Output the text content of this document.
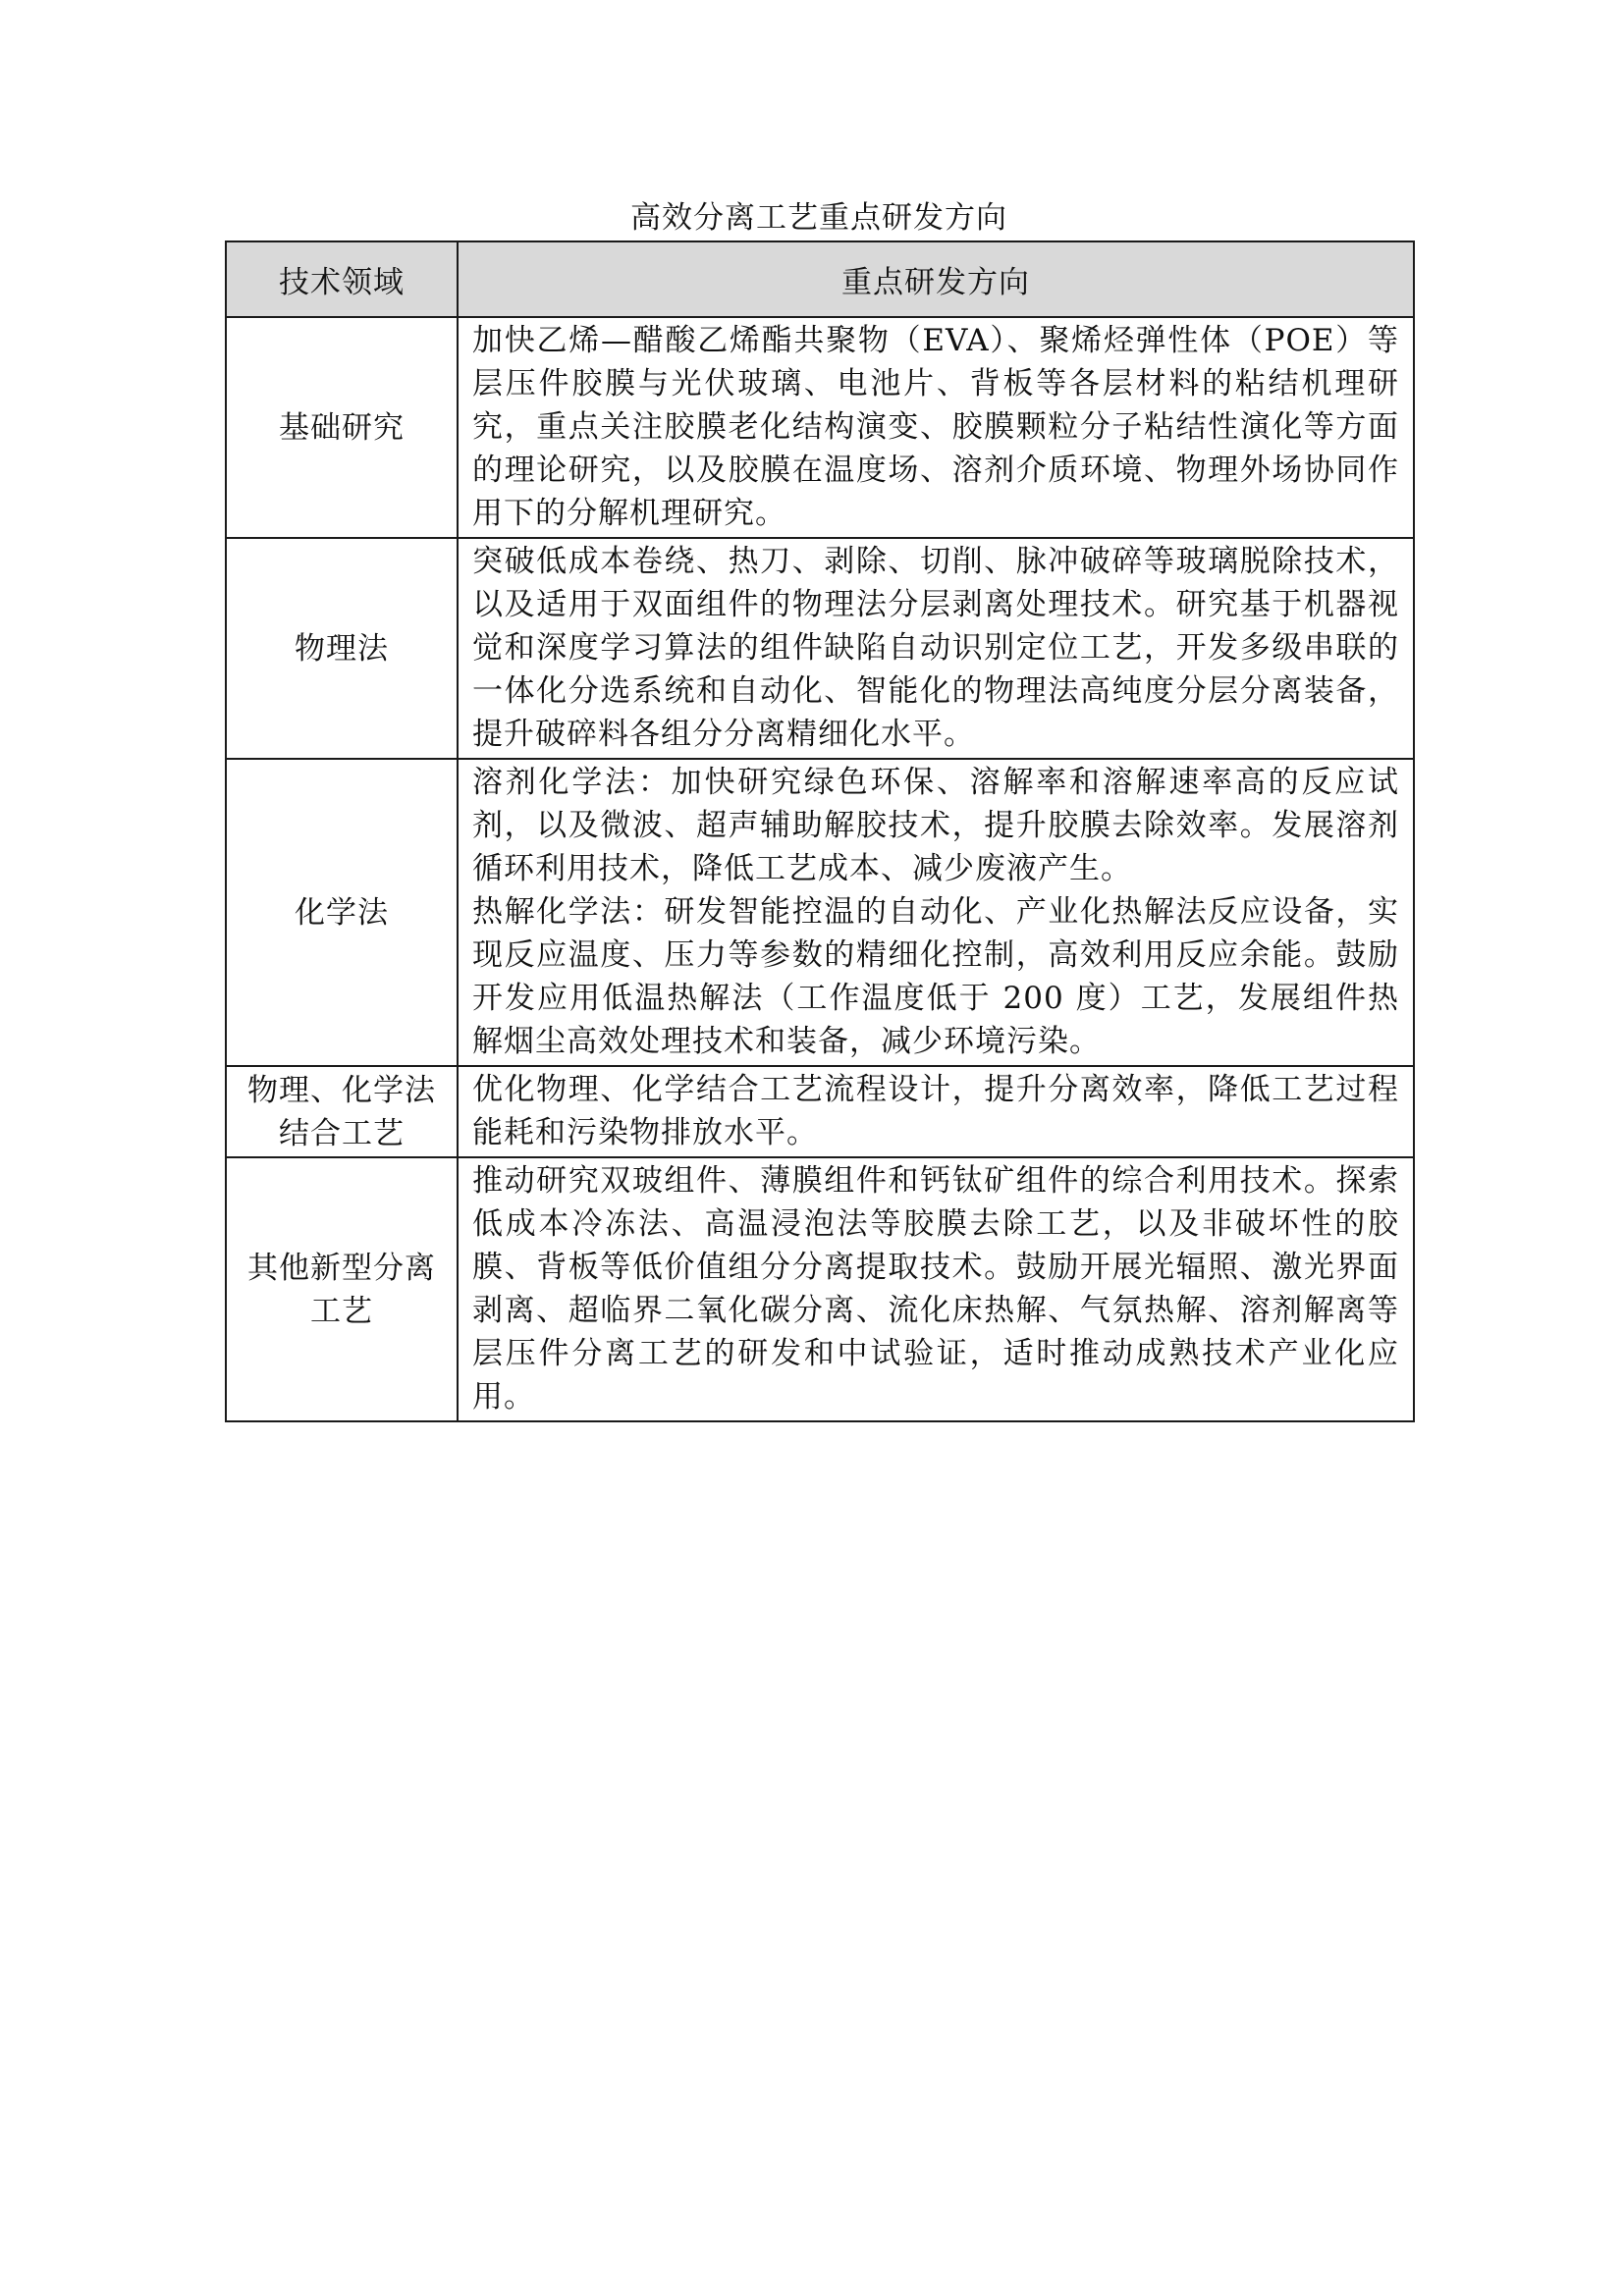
高效分离工艺重点研发方向
技术领域	重点研发方向
基础研究	加快乙烯—醋酸乙烯酯共聚物（EVA）、聚烯烃弹性体（POE）等层压件胶膜与光伏玻璃、电池片、背板等各层材料的粘结机理研究，重点关注胶膜老化结构演变、胶膜颗粒分子粘结性演化等方面的理论研究，以及胶膜在温度场、溶剂介质环境、物理外场协同作用下的分解机理研究。

物理法	突破低成本卷绕、热刀、剥除、切削、脉冲破碎等玻璃脱除技术，以及适用于双面组件的物理法分层剥离处理技术。研究基于机器视觉和深度学习算法的组件缺陷自动识别定位工艺，开发多级串联的一体化分选系统和自动化、智能化的物理法高纯度分层分离装备，提升破碎料各组分分离精细化水平。

化学法	溶剂化学法：加快研究绿色环保、溶解率和溶解速率高的反应试剂，以及微波、超声辅助解胶技术，提升胶膜去除效率。发展溶剂循环利用技术，降低工艺成本、减少废液产生。
热解化学法：研发智能控温的自动化、产业化热解法反应设备，实现反应温度、压力等参数的精细化控制，高效利用反应余能。鼓励开发应用低温热解法（工作温度低于 200 度）工艺，发展组件热解烟尘高效处理技术和装备，减少环境污染。

物理、化学法结合工艺	优化物理、化学结合工艺流程设计，提升分离效率，降低工艺过程能耗和污染物排放水平。

其他新型分离工艺	推动研究双玻组件、薄膜组件和钙钛矿组件的综合利用技术。探索低成本冷冻法、高温浸泡法等胶膜去除工艺，以及非破坏性的胶膜、背板等低价值组分分离提取技术。鼓励开展光辐照、激光界面剥离、超临界二氧化碳分离、流化床热解、气氛热解、溶剂解离等层压件分离工艺的研发和中试验证，适时推动成熟技术产业化应用。
